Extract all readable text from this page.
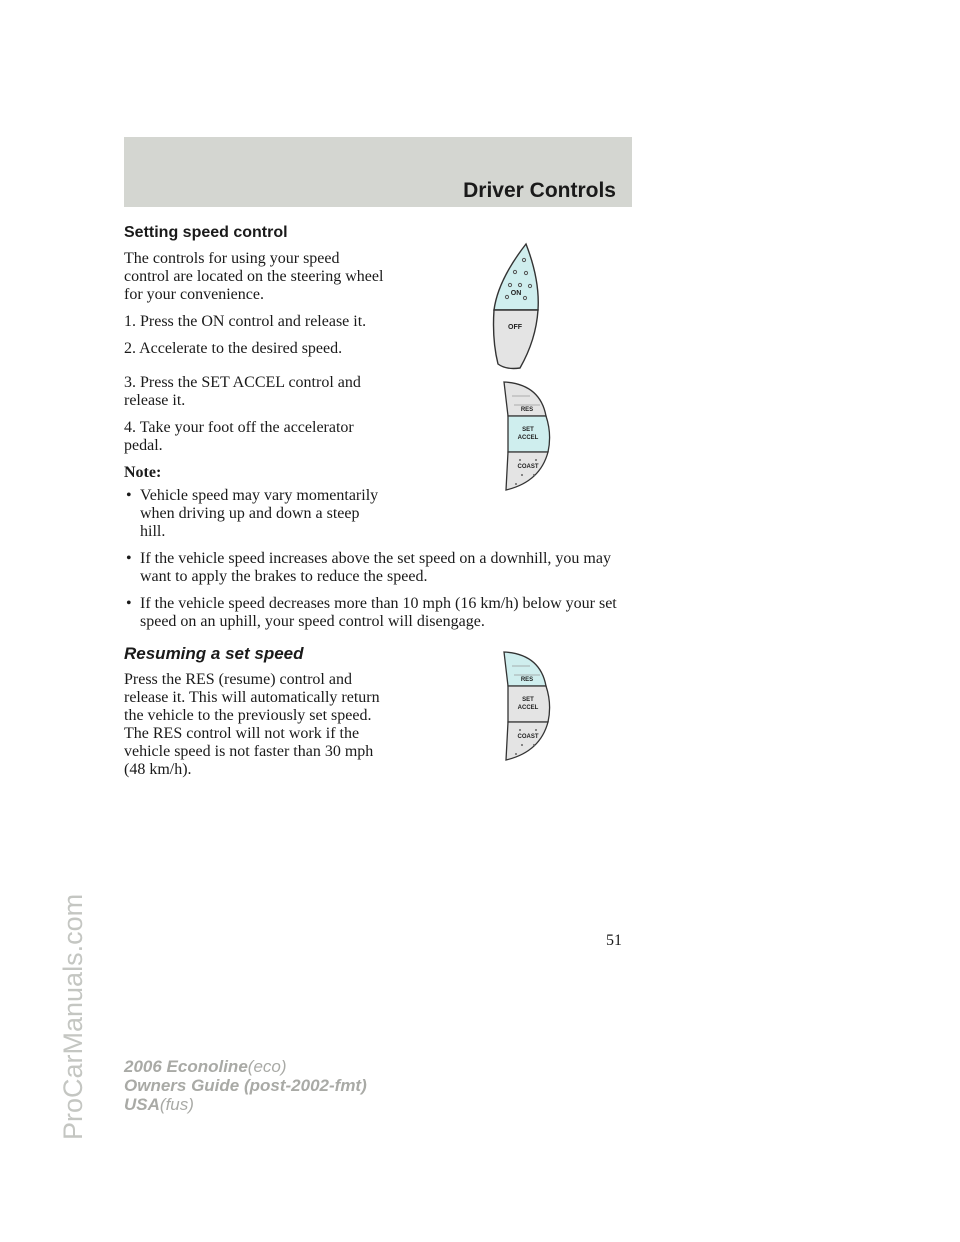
Driver Controls
ProCarManuals.com
Setting speed control

The controls for using your speed control are located on the steering wheel for your convenience.

1. Press the ON control and release it.

2. Accelerate to the desired speed.

3. Press the SET ACCEL control and release it.

4. Take your foot off the accelerator pedal.

Note:

• Vehicle speed may vary momentarily when driving up and down a steep hill.
• If the vehicle speed increases above the set speed on a downhill, you may want to apply the brakes to reduce the speed.
• If the vehicle speed decreases more than 10 mph (16 km/h) below your set speed on an uphill, your speed control will disengage.
Resuming a set speed

Press the RES (resume) control and release it. This will automatically return the vehicle to the previously set speed. The RES control will not work if the vehicle speed is not faster than 30 mph (48 km/h).

ON
OFF
RES
SET
ACCEL
COAST
RES
SET
ACCEL
COAST
51
2006 Econoline(eco)
Owners Guide (post-2002-fmt)
USA(fus)
